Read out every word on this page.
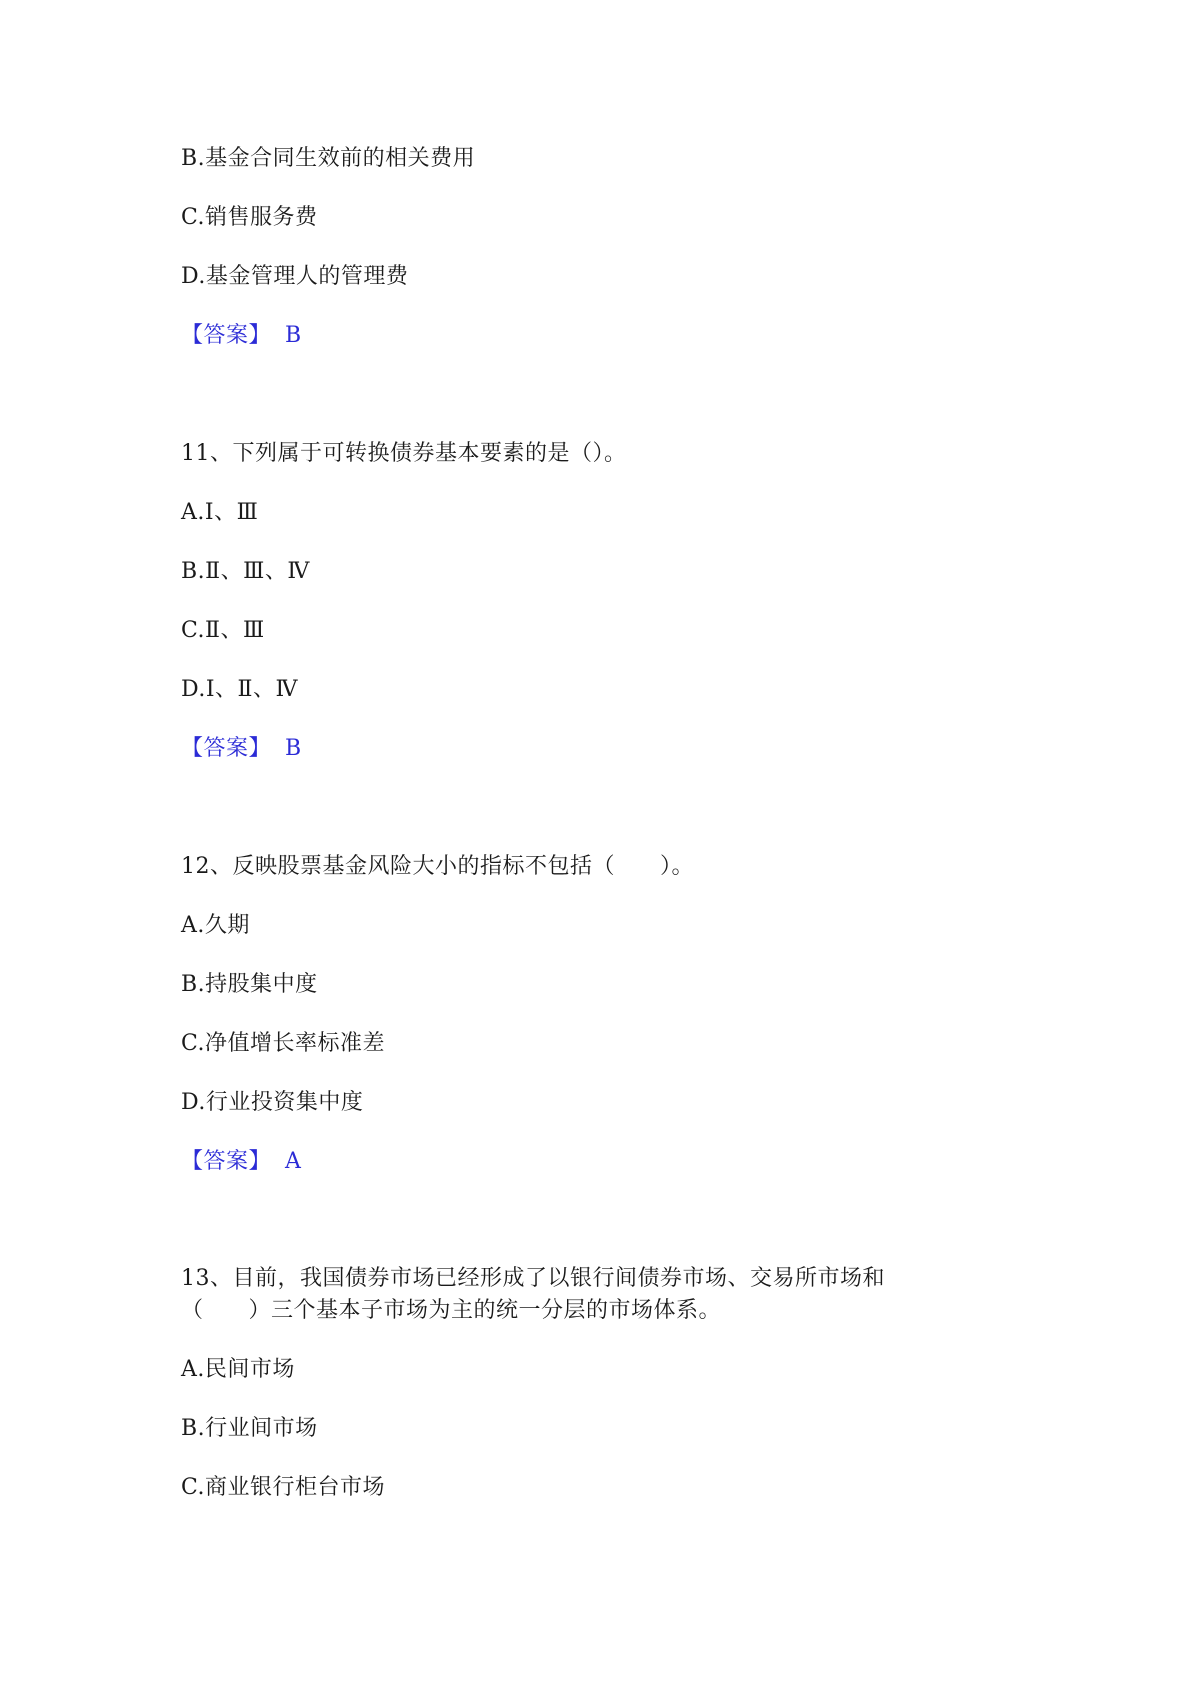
B.基金合同生效前的相关费用
C.销售服务费
D.基金管理人的管理费
【答案】 B
11、下列属于可转换债券基本要素的是（）。
A.Ⅰ、Ⅲ
B.Ⅱ、Ⅲ、Ⅳ
C.Ⅱ、Ⅲ
D.Ⅰ、Ⅱ、Ⅳ
【答案】 B
12、反映股票基金风险大小的指标不包括（　　）。
A.久期
B.持股集中度
C.净值增长率标准差
D.行业投资集中度
【答案】 A
13、目前，我国债券市场已经形成了以银行间债券市场、交易所市场和
（　　）三个基本子市场为主的统一分层的市场体系。
A.民间市场
B.行业间市场
C.商业银行柜台市场
